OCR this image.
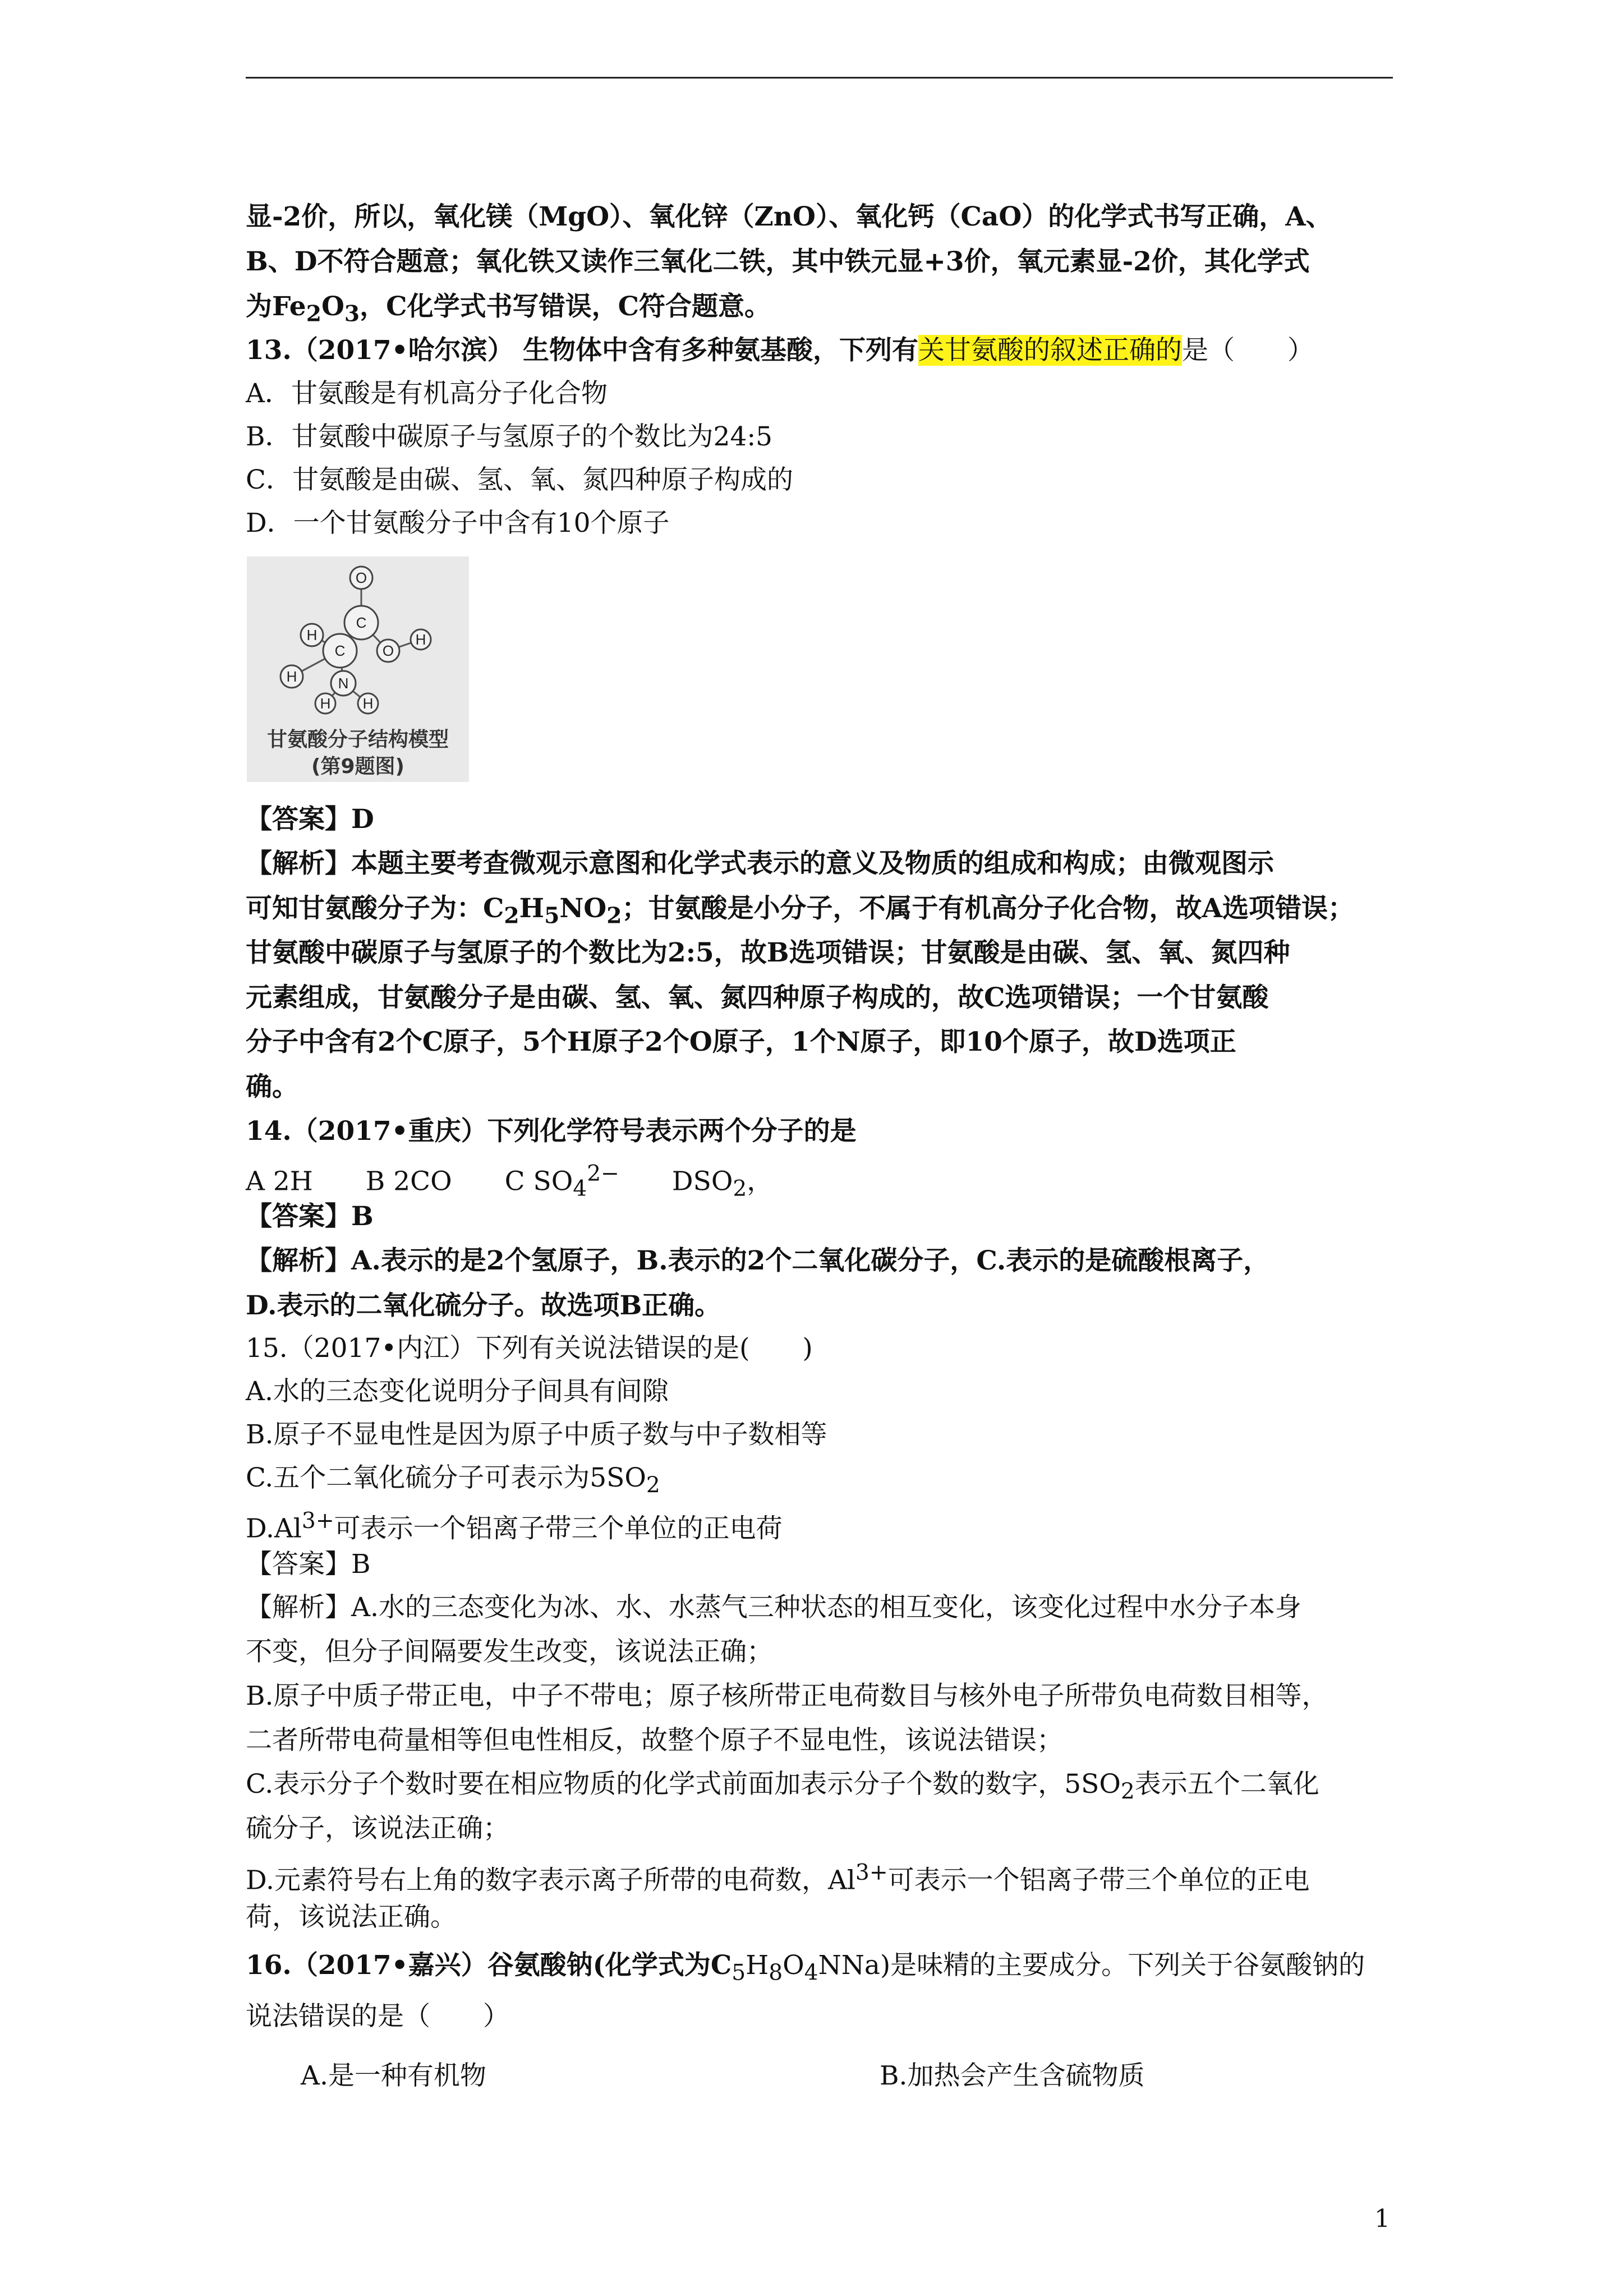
显-2价，所以，氧化镁（MgO）、氧化锌（ZnO）、氧化钙（CaO）的化学式书写正确，A、
B、D不符合题意；氧化铁又读作三氧化二铁，其中铁元显+3价，氧元素显-2价，其化学式
为$Fe_2O_3$，C化学式书写错误，C符合题意。
13.（2017•哈尔滨） 生物体中含有多种氨基酸，下列有关甘氨酸的叙述正确的是（　　）
A．甘氨酸是有机高分子化合物
B．甘氨酸中碳原子与氢原子的个数比为24:5
C．甘氨酸是由碳、氢、氧、氮四种原子构成的
D．一个甘氨酸分子中含有10个原子
O
H
C
H
C	O
H
H
N
H
甘氨酸分子结构模型
(第9题图)
【答案】D
【解析】本题主要考查微观示意图和化学式表示的意义及物质的组成和构成；由微观图示
可知甘氨酸分子为：$C_2H_5NO_2$；甘氨酸是小分子，不属于有机高分子化合物，故A选项错误；
甘氨酸中碳原子与氢原子的个数比为2:5，故B选项错误；甘氨酸是由碳、氢、氧、氮四种
元素组成，甘氨酸分子是由碳、氢、氧、氮四种原子构成的，故C选项错误；一个甘氨酸
分子中含有2个C原子，5个H原子2个O原子，1个N原子，即10个原子，故D选项正
确。
14.（2017•重庆）下列化学符号表示两个分子的是
A 2H　　B 2CO　　C $SO_4^{2-}$　　$DSO_2$，
【答案】B
【解析】A.表示的是2个氢原子，B.表示的2个二氧化碳分子，C.表示的是硫酸根离子，
D.表示的二氧化硫分子。故选项B正确。
15.（2017•内江）下列有关说法错误的是(　　)
A.水的三态变化说明分子间具有间隙
B.原子不显电性是因为原子中质子数与中子数相等
C.五个二氧化硫分子可表示为$5SO_2$
$D.Al^{3+}$可表示一个铝离子带三个单位的正电荷
【答案】B
【解析】A.水的三态变化为冰、水、水蒸气三种状态的相互变化，该变化过程中水分子本身
不变，但分子间隔要发生改变，该说法正确；
B.原子中质子带正电，中子不带电；原子核所带正电荷数目与核外电子所带负电荷数目相等，
二者所带电荷量相等但电性相反，故整个原子不显电性，该说法错误；
C.表示分子个数时要在相应物质的化学式前面加表示分子个数的数字，$5SO_2$表示五个二氧化
硫分子，该说法正确；
D.元素符号右上角的数字表示离子所带的电荷数，$Al^{3+}$可表示一个铝离子带三个单位的正电
荷，该说法正确。
16.（2017•嘉兴）谷氨酸钠(化学式为$C_5H_8O_4NNa$)是味精的主要成分。下列关于谷氨酸钠的
说法错误的是（　　）
A.是一种有机物	B.加热会产生含硫物质
1
